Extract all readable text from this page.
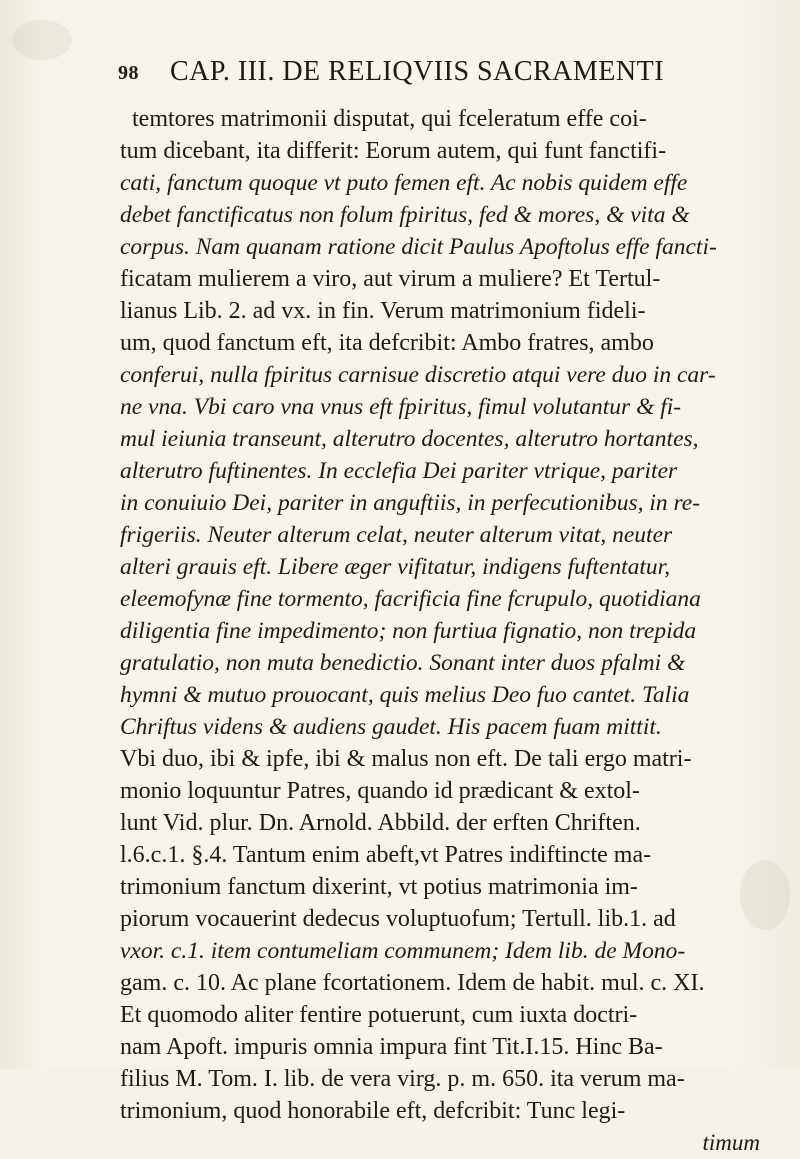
98 CAP. III. DE RELIQVIIS SACRAMENTI
temtores matrimonii disputat, qui fceleratum effe coi-
tum dicebant, ita differit: Eorum autem, qui funt fanctifi-
cati, fanctum quoque vt puto femen eft. Ac nobis quidem effe
debet fanctificatus non folum fpiritus, fed & mores, & vita &
corpus. Nam quanam ratione dicit Paulus Apoftolus effe fancti-
ficatam mulierem a viro, aut virum a muliere? Et Tertul-
lianus Lib. 2. ad vx. in fin. Verum matrimonium fideli-
um, quod fanctum eft, ita defcribit: Ambo fratres, ambo
conferui, nulla fpiritus carnisue discretio atqui vere duo in car-
ne vna. Vbi caro vna vnus eft fpiritus, fimul volutantur & fi-
mul ieiunia transeunt, alterutro docentes, alterutro hortantes,
alterutro fuftinentes. In ecclefia Dei pariter vtrique, pariter
in conuiuio Dei, pariter in anguftiis, in perfecutionibus, in re-
frigeriis. Neuter alterum celat, neuter alterum vitat, neuter
alteri grauis eft. Libere æger vifitatur, indigens fuftentatur,
eleemofynæ fine tormento, facrificia fine fcrupulo, quotidiana
diligentia fine impedimento; non furtiua fignatio, non trepida
gratulatio, non muta benedictio. Sonant inter duos pfalmi &
hymni & mutuo prouocant, quis melius Deo fuo cantet. Talia
Chriftus videns & audiens gaudet. His pacem fuam mittit.
Vbi duo, ibi & ipfe, ibi & malus non eft. De tali ergo matri-
monio loquuntur Patres, quando id prædicant & extol-
lunt Vid. plur. Dn. Arnold. Abbild. der erften Chriften.
l.6.c.1. §.4. Tantum enim abeft,vt Patres indiftincte ma-
trimonium fanctum dixerint, vt potius matrimonia im-
piorum vocauerint dedecus voluptuofum; Tertull. lib.1. ad
vxor. c.1. item contumeliam communem; Idem lib. de Mono-
gam. c. 10. Ac plane fcortationem. Idem de habit. mul. c. XI.
Et quomodo aliter fentire potuerunt, cum iuxta doctri-
nam Apoft. impuris omnia impura fint Tit.I.15. Hinc Ba-
filius M. Tom. I. lib. de vera virg. p. m. 650. ita verum ma-
trimonium, quod honorabile eft, defcribit: Tunc legi-
timum
